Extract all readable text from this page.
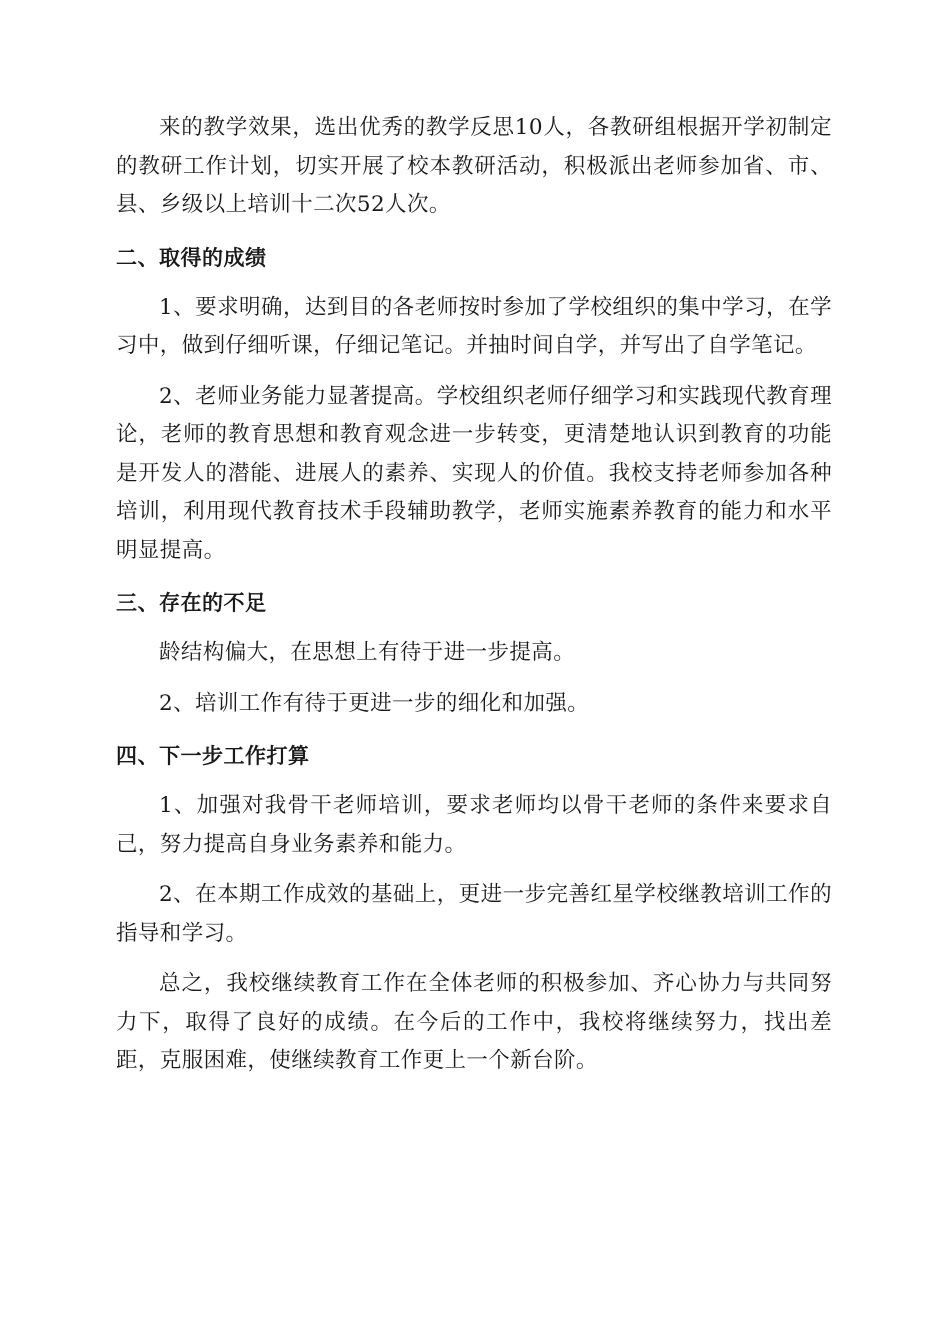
来的教学效果，选出优秀的教学反思10人，各教研组根据开学初制定的教研工作计划，切实开展了校本教研活动，积极派出老师参加省、市、县、乡级以上培训十二次52人次。

二、取得的成绩

1、要求明确，达到目的各老师按时参加了学校组织的集中学习，在学习中，做到仔细听课，仔细记笔记。并抽时间自学，并写出了自学笔记。

2、老师业务能力显著提高。学校组织老师仔细学习和实践现代教育理论，老师的教育思想和教育观念进一步转变，更清楚地认识到教育的功能是开发人的潜能、进展人的素养、实现人的价值。我校支持老师参加各种培训，利用现代教育技术手段辅助教学，老师实施素养教育的能力和水平明显提高。

三、存在的不足

龄结构偏大，在思想上有待于进一步提高。

2、培训工作有待于更进一步的细化和加强。

四、下一步工作打算

1、加强对我骨干老师培训，要求老师均以骨干老师的条件来要求自己，努力提高自身业务素养和能力。

2、在本期工作成效的基础上，更进一步完善红星学校继教培训工作的指导和学习。

总之，我校继续教育工作在全体老师的积极参加、齐心协力与共同努力下，取得了良好的成绩。在今后的工作中，我校将继续努力，找出差距，克服困难，使继续教育工作更上一个新台阶。
